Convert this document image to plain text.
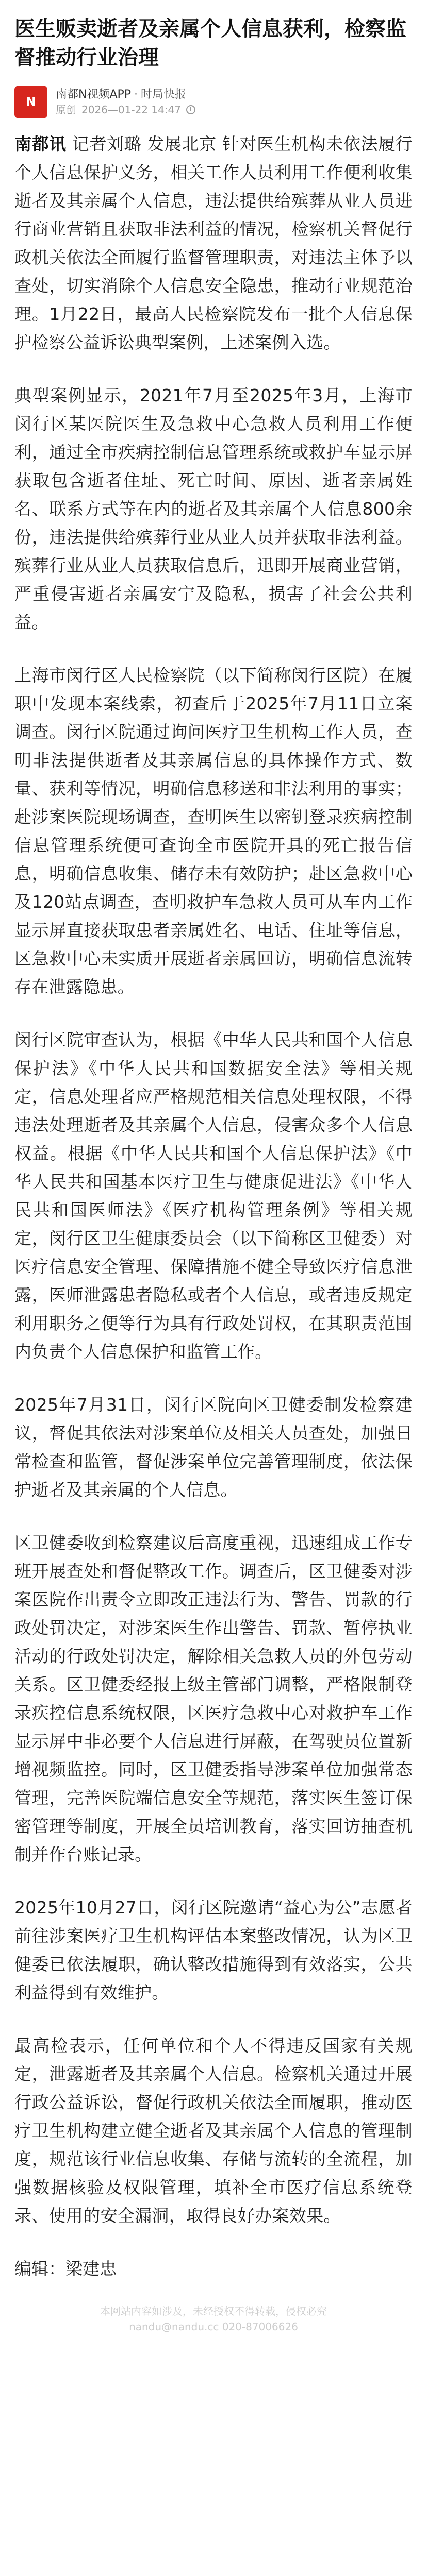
医生贩卖逝者及亲属个人信息获利，检察监督推动行业治理
N
南都N视频APP · 时局快报
原创 2026—01-22 14:47

南都讯 记者刘璐 发展北京 针对医生机构未依法履行个人信息保护义务，相关工作人员利用工作便利收集逝者及其亲属个人信息，违法提供给殡葬从业人员进行商业营销且获取非法利益的情况，检察机关督促行政机关依法全面履行监督管理职责，对违法主体予以查处，切实消除个人信息安全隐患，推动行业规范治理。1月22日，最高人民检察院发布一批个人信息保护检察公益诉讼典型案例，上述案例入选。

典型案例显示，2021年7月至2025年3月，上海市闵行区某医院医生及急救中心急救人员利用工作便利，通过全市疾病控制信息管理系统或救护车显示屏获取包含逝者住址、死亡时间、原因、逝者亲属姓名、联系方式等在内的逝者及其亲属个人信息800余份，违法提供给殡葬行业从业人员并获取非法利益。殡葬行业从业人员获取信息后，迅即开展商业营销，严重侵害逝者亲属安宁及隐私，损害了社会公共利益。

上海市闵行区人民检察院（以下简称闵行区院）在履职中发现本案线索，初查后于2025年7月11日立案调查。闵行区院通过询问医疗卫生机构工作人员，查明非法提供逝者及其亲属信息的具体操作方式、数量、获利等情况，明确信息移送和非法利用的事实；赴涉案医院现场调查，查明医生以密钥登录疾病控制信息管理系统便可查询全市医院开具的死亡报告信息，明确信息收集、储存未有效防护；赴区急救中心及120站点调查，查明救护车急救人员可从车内工作显示屏直接获取患者亲属姓名、电话、住址等信息，区急救中心未实质开展逝者亲属回访，明确信息流转存在泄露隐患。

闵行区院审查认为，根据《中华人民共和国个人信息保护法》《中华人民共和国数据安全法》等相关规定，信息处理者应严格规范相关信息处理权限，不得违法处理逝者及其亲属个人信息，侵害众多个人信息权益。根据《中华人民共和国个人信息保护法》《中华人民共和国基本医疗卫生与健康促进法》《中华人民共和国医师法》《医疗机构管理条例》等相关规定，闵行区卫生健康委员会（以下简称区卫健委）对医疗信息安全管理、保障措施不健全导致医疗信息泄露，医师泄露患者隐私或者个人信息，或者违反规定利用职务之便等行为具有行政处罚权，在其职责范围内负责个人信息保护和监管工作。

2025年7月31日，闵行区院向区卫健委制发检察建议，督促其依法对涉案单位及相关人员查处，加强日常检查和监管，督促涉案单位完善管理制度，依法保护逝者及其亲属的个人信息。

区卫健委收到检察建议后高度重视，迅速组成工作专班开展查处和督促整改工作。调查后，区卫健委对涉案医院作出责令立即改正违法行为、警告、罚款的行政处罚决定，对涉案医生作出警告、罚款、暂停执业活动的行政处罚决定，解除相关急救人员的外包劳动关系。区卫健委经报上级主管部门调整，严格限制登录疾控信息系统权限，区医疗急救中心对救护车工作显示屏中非必要个人信息进行屏蔽，在驾驶员位置新增视频监控。同时，区卫健委指导涉案单位加强常态管理，完善医院端信息安全等规范，落实医生签订保密管理等制度，开展全员培训教育，落实回访抽查机制并作台账记录。

2025年10月27日，闵行区院邀请“益心为公”志愿者前往涉案医疗卫生机构评估本案整改情况，认为区卫健委已依法履职，确认整改措施得到有效落实，公共利益得到有效维护。

最高检表示，任何单位和个人不得违反国家有关规定，泄露逝者及其亲属个人信息。检察机关通过开展行政公益诉讼，督促行政机关依法全面履职，推动医疗卫生机构建立健全逝者及其亲属个人信息的管理制度，规范该行业信息收集、存储与流转的全流程，加强数据核验及权限管理，填补全市医疗信息系统登录、使用的安全漏洞，取得良好办案效果。

编辑：梁建忠
本网站内容如涉及，未经授权不得转载，侵权必究
nandu@nandu.cc 020-87006626
